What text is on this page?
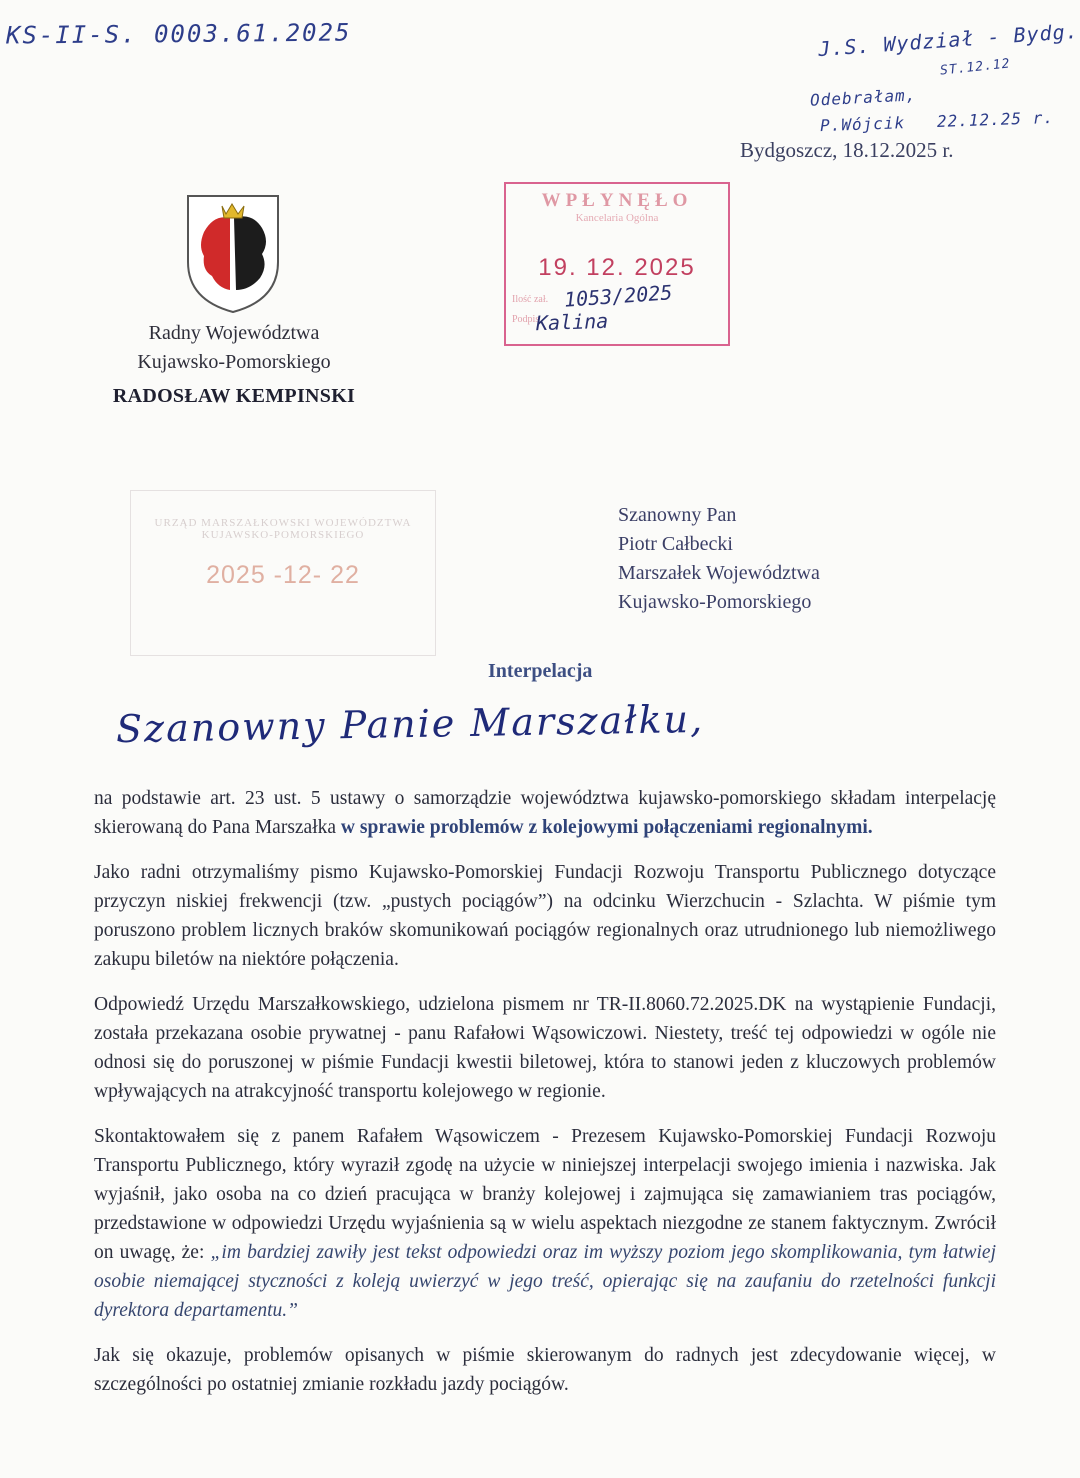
KS-II-S. 0003.61.2025	J.S. Wydział - Bydg.
ST.12.12
Odebrałam,
P.Wójcik 22.12.25 r.
Bydgoszcz, 18.12.2025 r.
Radny Województwa
Kujawsko-Pomorskiego
RADOSŁAW KEMPINSKI
WPŁYNĘŁO
Kancelaria Ogólna
19. 12. 2025
Ilość zał.
Podpis
1053/2025
Kalina
URZĄD MARSZAŁKOWSKI WOJEWÓDZTWA KUJAWSKO-POMORSKIEGO
2025 -12- 22
Szanowny Pan
Piotr Całbecki
Marszałek Województwa
Kujawsko-Pomorskiego
Interpelacja
Szanowny Panie Marszałku,

na podstawie art. 23 ust. 5 ustawy o samorządzie województwa kujawsko-pomorskiego składam interpelację skierowaną do Pana Marszałka w sprawie problemów z kolejowymi połączeniami regionalnymi.

Jako radni otrzymaliśmy pismo Kujawsko-Pomorskiej Fundacji Rozwoju Transportu Publicznego dotyczące przyczyn niskiej frekwencji (tzw. „pustych pociągów”) na odcinku Wierzchucin - Szlachta. W piśmie tym poruszono problem licznych braków skomunikowań pociągów regionalnych oraz utrudnionego lub niemożliwego zakupu biletów na niektóre połączenia.

Odpowiedź Urzędu Marszałkowskiego, udzielona pismem nr TR-II.8060.72.2025.DK na wystąpienie Fundacji, została przekazana osobie prywatnej - panu Rafałowi Wąsowiczowi. Niestety, treść tej odpowiedzi w ogóle nie odnosi się do poruszonej w piśmie Fundacji kwestii biletowej, która to stanowi jeden z kluczowych problemów wpływających na atrakcyjność transportu kolejowego w regionie.

Skontaktowałem się z panem Rafałem Wąsowiczem - Prezesem Kujawsko-Pomorskiej Fundacji Rozwoju Transportu Publicznego, który wyraził zgodę na użycie w niniejszej interpelacji swojego imienia i nazwiska. Jak wyjaśnił, jako osoba na co dzień pracująca w branży kolejowej i zajmująca się zamawianiem tras pociągów, przedstawione w odpowiedzi Urzędu wyjaśnienia są w wielu aspektach niezgodne ze stanem faktycznym. Zwrócił on uwagę, że: „im bardziej zawiły jest tekst odpowiedzi oraz im wyższy poziom jego skomplikowania, tym łatwiej osobie niemającej styczności z koleją uwierzyć w jego treść, opierając się na zaufaniu do rzetelności funkcji dyrektora departamentu.”

Jak się okazuje, problemów opisanych w piśmie skierowanym do radnych jest zdecydowanie więcej, w szczególności po ostatniej zmianie rozkładu jazdy pociągów.
